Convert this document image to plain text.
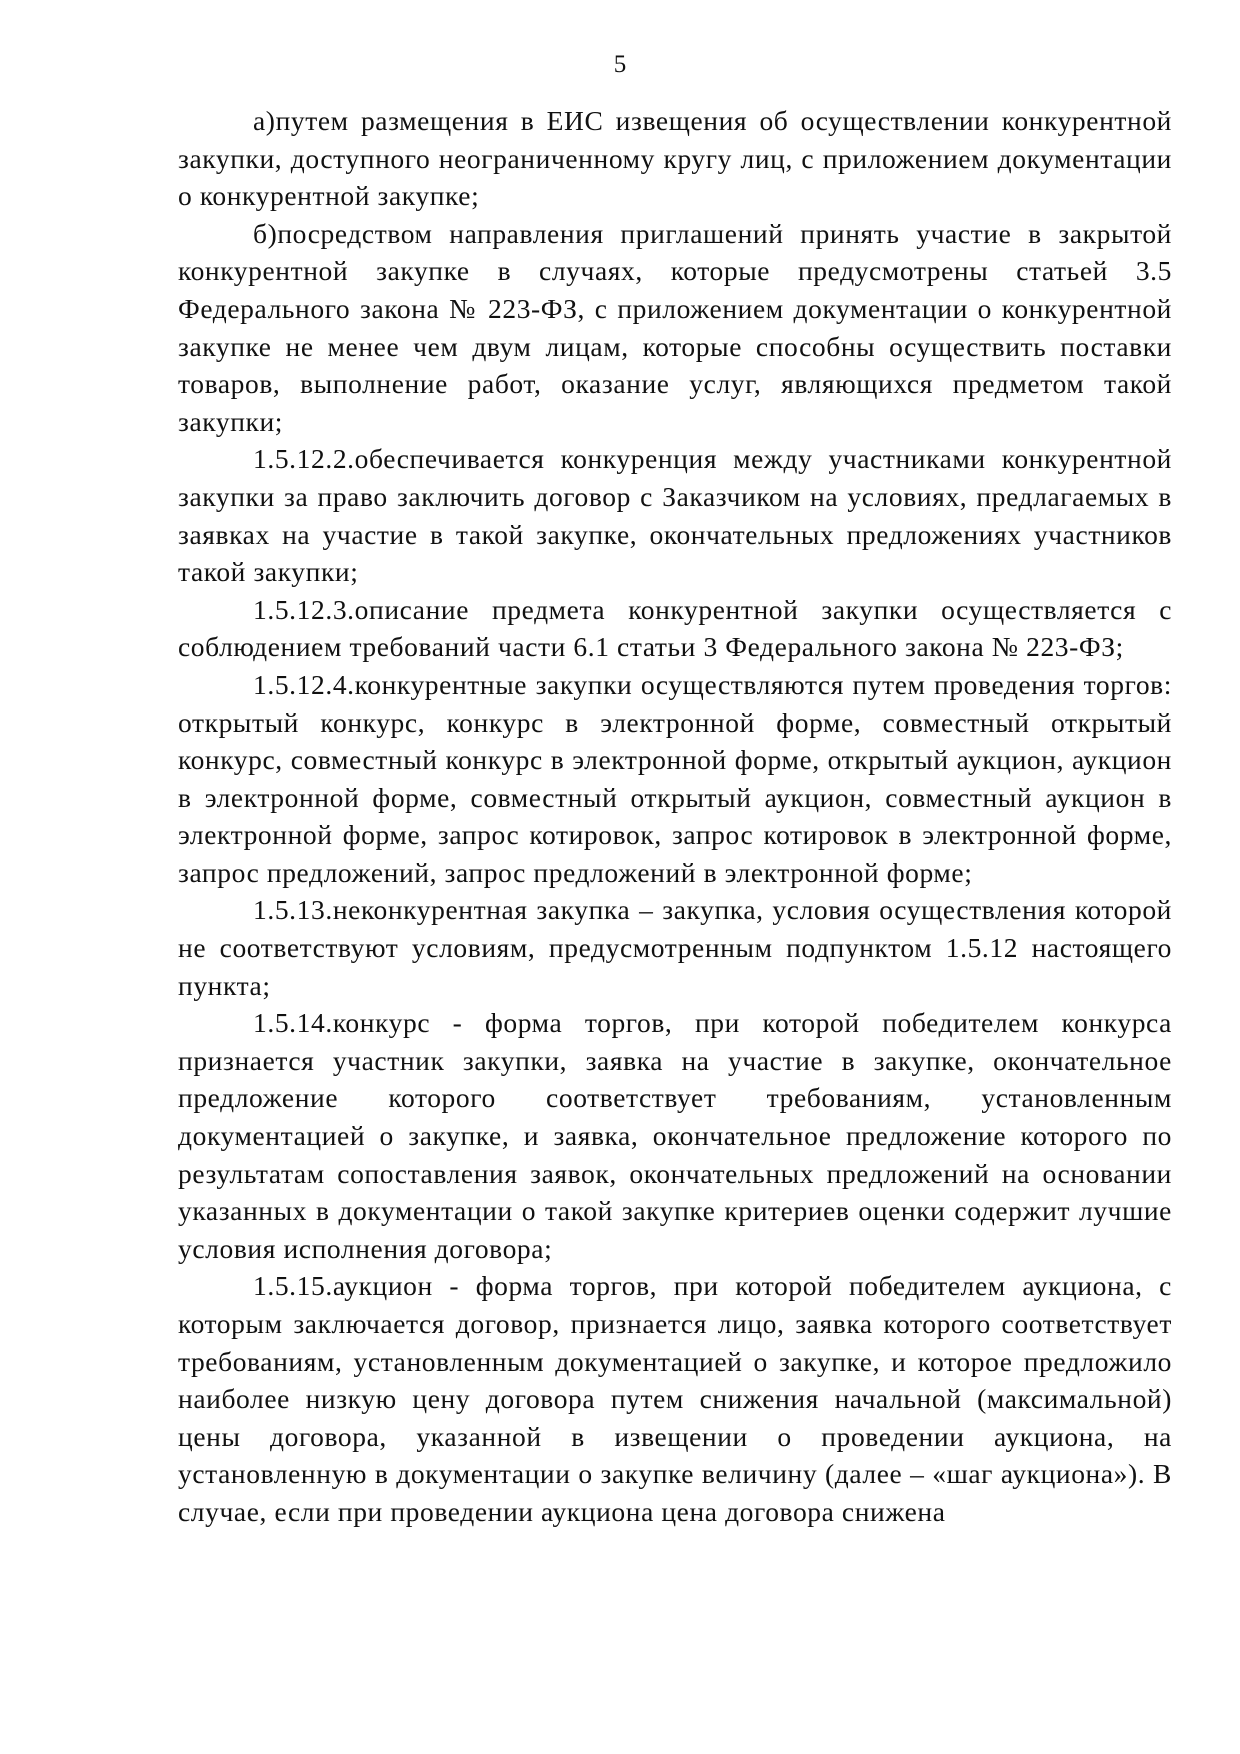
5

а)путем размещения в ЕИС извещения об осуществлении конкурентной закупки, доступного неограниченному кругу лиц, с приложением документации о конкурентной закупке;

б)посредством направления приглашений принять участие в закрытой конкурентной закупке в случаях, которые предусмотрены статьей 3.5 Федерального закона № 223-ФЗ, с приложением документации о конкурентной закупке не менее чем двум лицам, которые способны осуществить поставки товаров, выполнение работ, оказание услуг, являющихся предметом такой закупки;

1.5.12.2.обеспечивается конкуренция между участниками конкурентной закупки за право заключить договор с Заказчиком на условиях, предлагаемых в заявках на участие в такой закупке, окончательных предложениях участников такой закупки;

1.5.12.3.описание предмета конкурентной закупки осуществляется с соблюдением требований части 6.1 статьи 3 Федерального закона № 223-ФЗ;

1.5.12.4.конкурентные закупки осуществляются путем проведения торгов: открытый конкурс, конкурс в электронной форме, совместный открытый конкурс, совместный конкурс в электронной форме, открытый аукцион, аукцион в электронной форме, совместный открытый аукцион, совместный аукцион в электронной форме, запрос котировок, запрос котировок в электронной форме, запрос предложений, запрос предложений в электронной форме;

1.5.13.неконкурентная закупка – закупка, условия осуществления которой не соответствуют условиям, предусмотренным подпунктом 1.5.12 настоящего пункта;

1.5.14.конкурс - форма торгов, при которой победителем конкурса признается участник закупки, заявка на участие в закупке, окончательное предложение которого соответствует требованиям, установленным документацией о закупке, и заявка, окончательное предложение которого по результатам сопоставления заявок, окончательных предложений на основании указанных в документации о такой закупке критериев оценки содержит лучшие условия исполнения договора;

1.5.15.аукцион - форма торгов, при которой победителем аукциона, с которым заключается договор, признается лицо, заявка которого соответствует требованиям, установленным документацией о закупке, и которое предложило наиболее низкую цену договора путем снижения начальной (максимальной) цены договора, указанной в извещении о проведении аукциона, на установленную в документации о закупке величину (далее – «шаг аукциона»). В случае, если при проведении аукциона цена договора снижена
